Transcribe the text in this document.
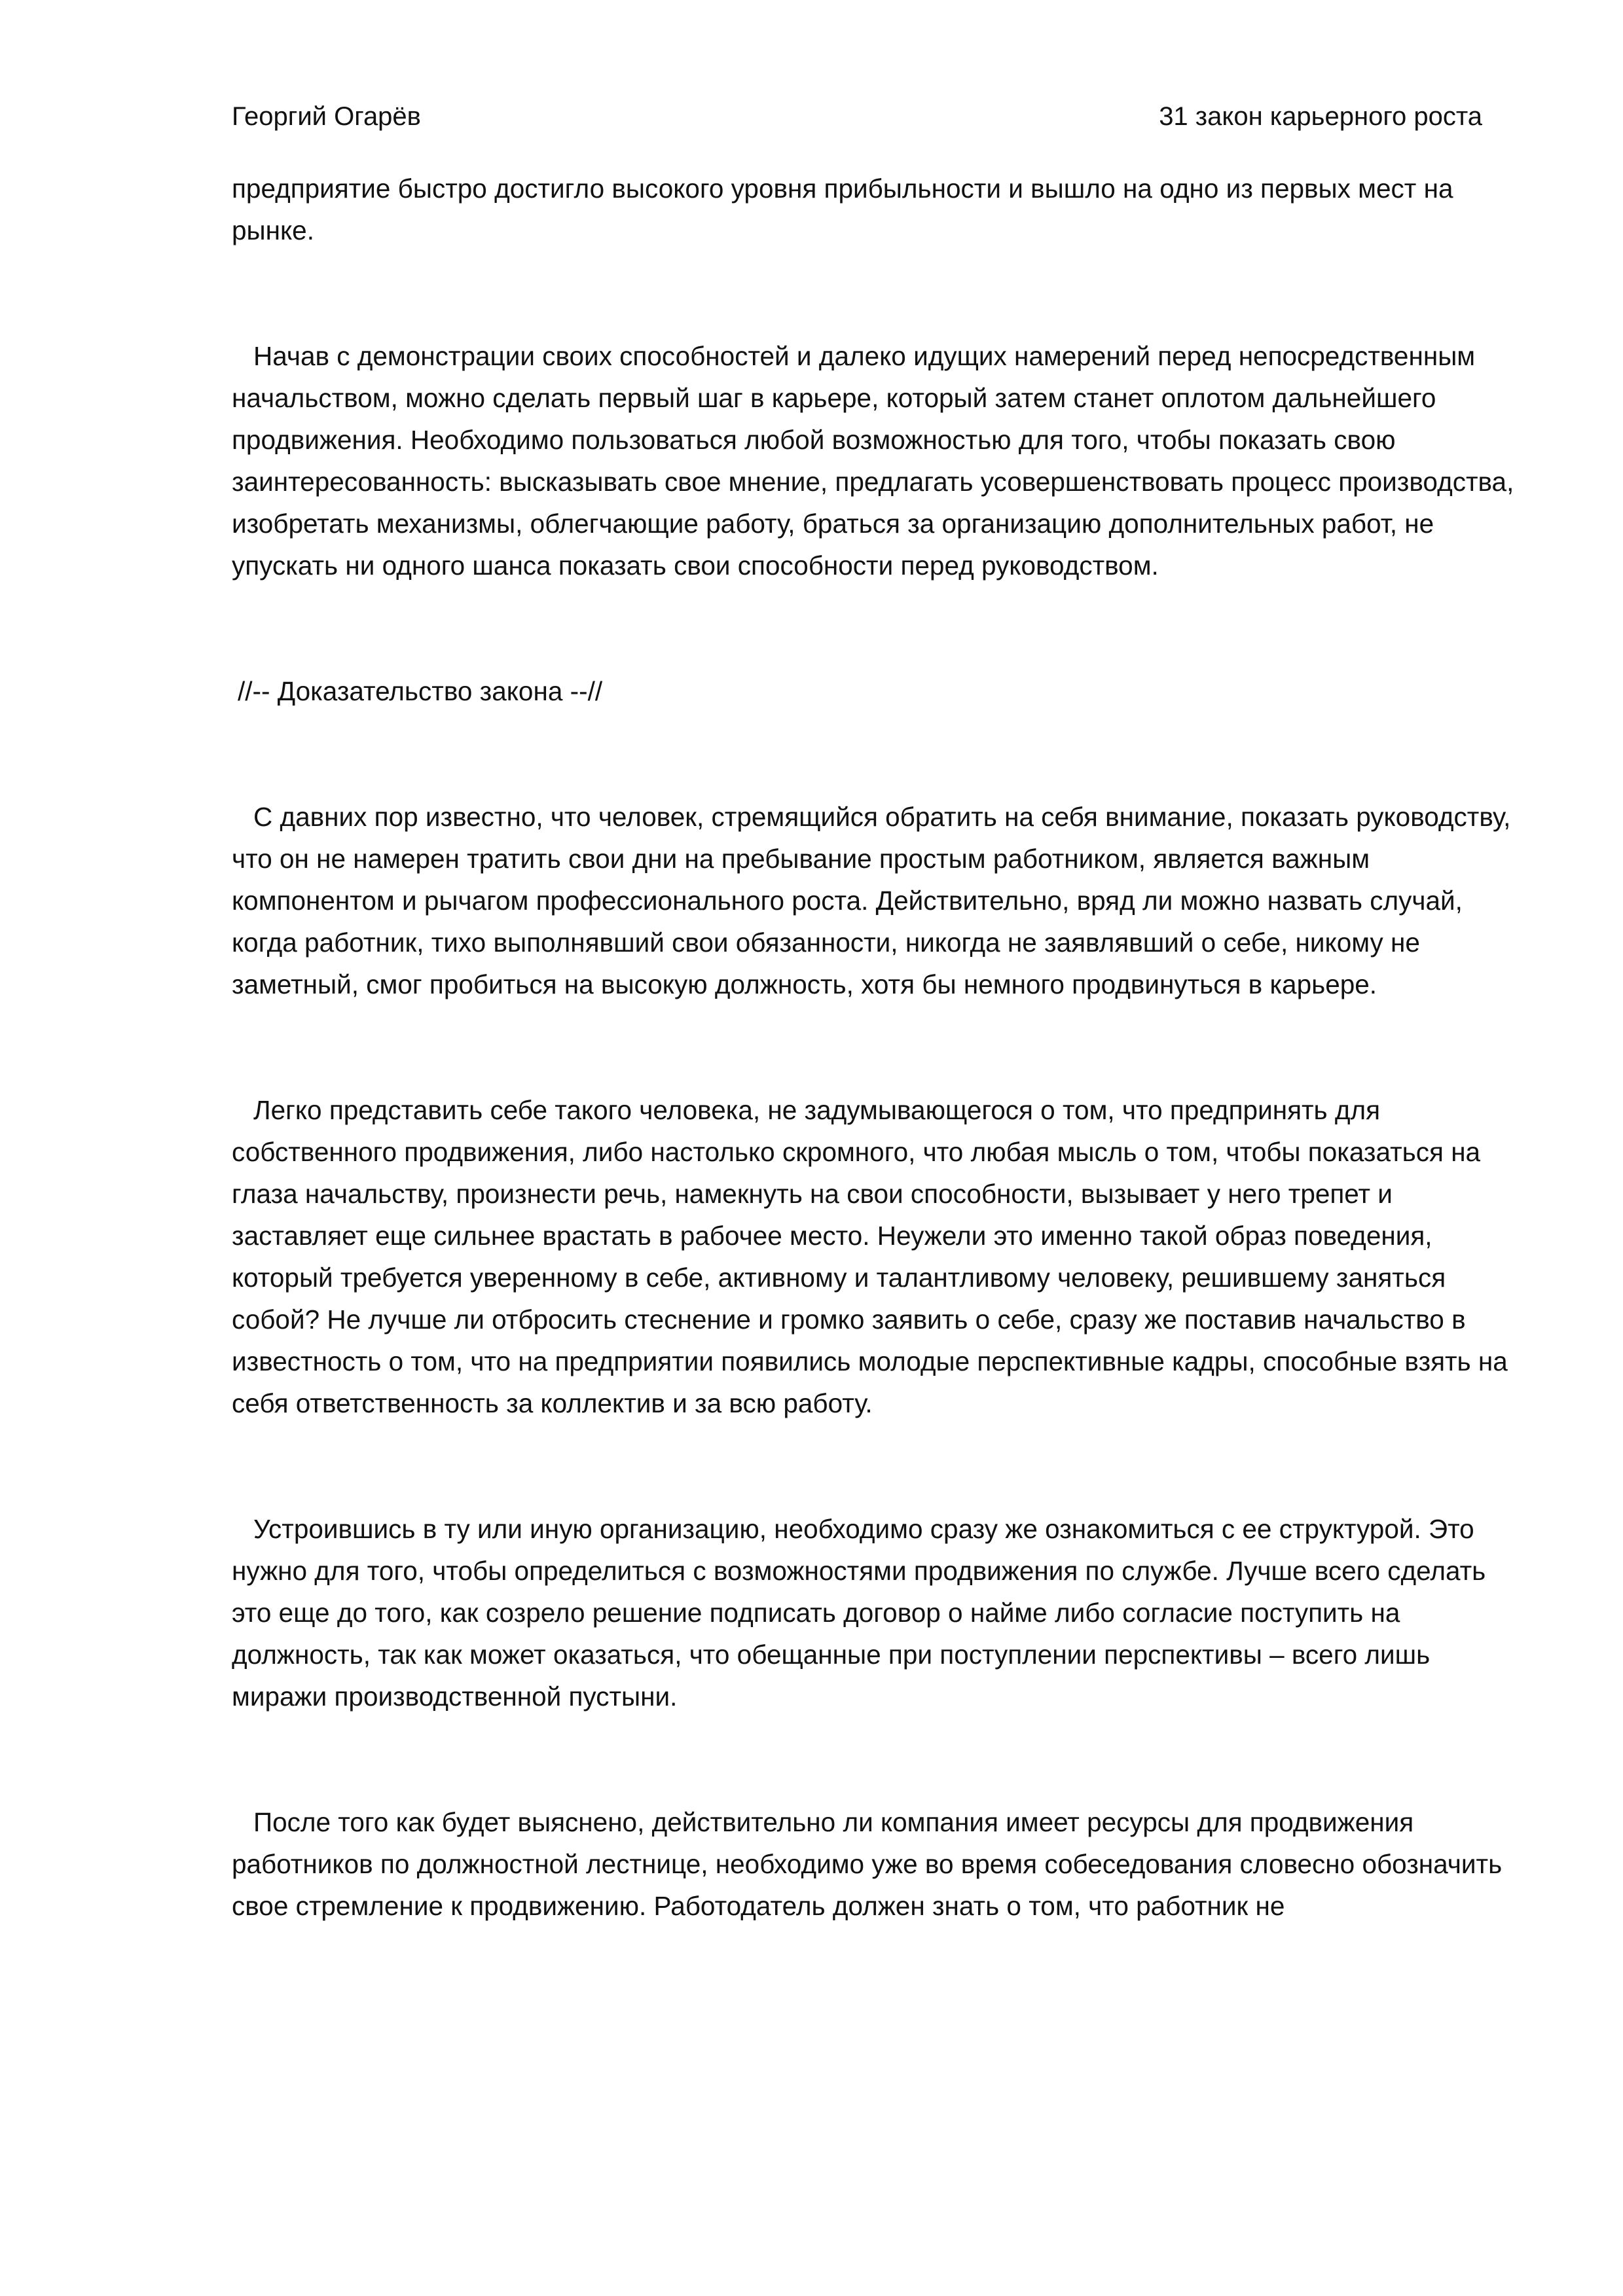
Георгий Огарёв	31 закон карьерного роста

предприятие быстро достигло высокого уровня прибыльности и вышло на одно из первых мест на рынке.

Начав с демонстрации своих способностей и далеко идущих намерений перед непосредственным начальством, можно сделать первый шаг в карьере, который затем станет оплотом дальнейшего продвижения. Необходимо пользоваться любой возможностью для того, чтобы показать свою заинтересованность: высказывать свое мнение, предлагать усовершенствовать процесс производства, изобретать механизмы, облегчающие работу, браться за организацию дополнительных работ, не упускать ни одного шанса показать свои способности перед руководством.

//-- Доказательство закона --//

С давних пор известно, что человек, стремящийся обратить на себя внимание, показать руководству, что он не намерен тратить свои дни на пребывание простым работником, является важным компонентом и рычагом профессионального роста. Действительно, вряд ли можно назвать случай, когда работник, тихо выполнявший свои обязанности, никогда не заявлявший о себе, никому не заметный, смог пробиться на высокую должность, хотя бы немного продвинуться в карьере.

Легко представить себе такого человека, не задумывающегося о том, что предпринять для собственного продвижения, либо настолько скромного, что любая мысль о том, чтобы показаться на глаза начальству, произнести речь, намекнуть на свои способности, вызывает у него трепет и заставляет еще сильнее врастать в рабочее место. Неужели это именно такой образ поведения, который требуется уверенному в себе, активному и талантливому человеку, решившему заняться собой? Не лучше ли отбросить стеснение и громко заявить о себе, сразу же поставив начальство в известность о том, что на предприятии появились молодые перспективные кадры, способные взять на себя ответственность за коллектив и за всю работу.

Устроившись в ту или иную организацию, необходимо сразу же ознакомиться с ее структурой. Это нужно для того, чтобы определиться с возможностями продвижения по службе. Лучше всего сделать это еще до того, как созрело решение подписать договор о найме либо согласие поступить на должность, так как может оказаться, что обещанные при поступлении перспективы – всего лишь миражи производственной пустыни.

После того как будет выяснено, действительно ли компания имеет ресурсы для продвижения работников по должностной лестнице, необходимо уже во время собеседования словесно обозначить свое стремление к продвижению. Работодатель должен знать о том, что работник не
